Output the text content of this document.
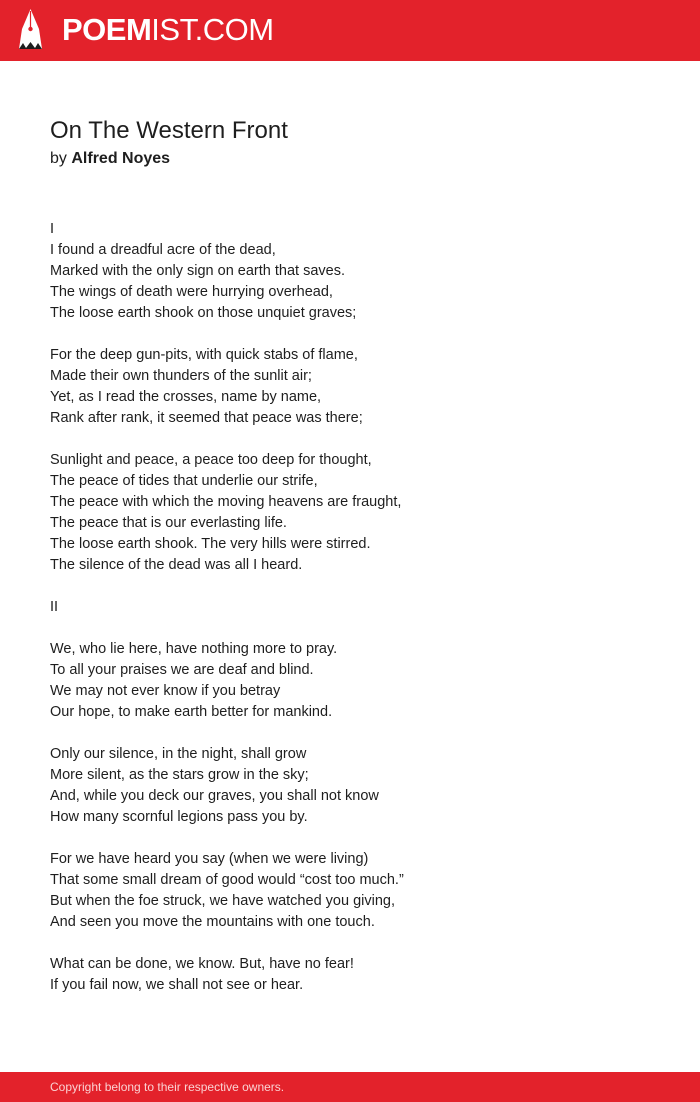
POEMIST.COM
On The Western Front
by Alfred Noyes
I
I found a dreadful acre of the dead,
Marked with the only sign on earth that saves.
The wings of death were hurrying overhead,
The loose earth shook on those unquiet graves;
For the deep gun-pits, with quick stabs of flame,
Made their own thunders of the sunlit air;
Yet, as I read the crosses, name by name,
Rank after rank, it seemed that peace was there;
Sunlight and peace, a peace too deep for thought,
The peace of tides that underlie our strife,
The peace with which the moving heavens are fraught,
The peace that is our everlasting life.
The loose earth shook. The very hills were stirred.
The silence of the dead was all I heard.
II
We, who lie here, have nothing more to pray.
To all your praises we are deaf and blind.
We may not ever know if you betray
Our hope, to make earth better for mankind.
Only our silence, in the night, shall grow
More silent, as the stars grow in the sky;
And, while you deck our graves, you shall not know
How many scornful legions pass you by.
For we have heard you say (when we were living)
That some small dream of good would “cost too much.”
But when the foe struck, we have watched you giving,
And seen you move the mountains with one touch.
What can be done, we know. But, have no fear!
If you fail now, we shall not see or hear.
Copyright belong to their respective owners.
